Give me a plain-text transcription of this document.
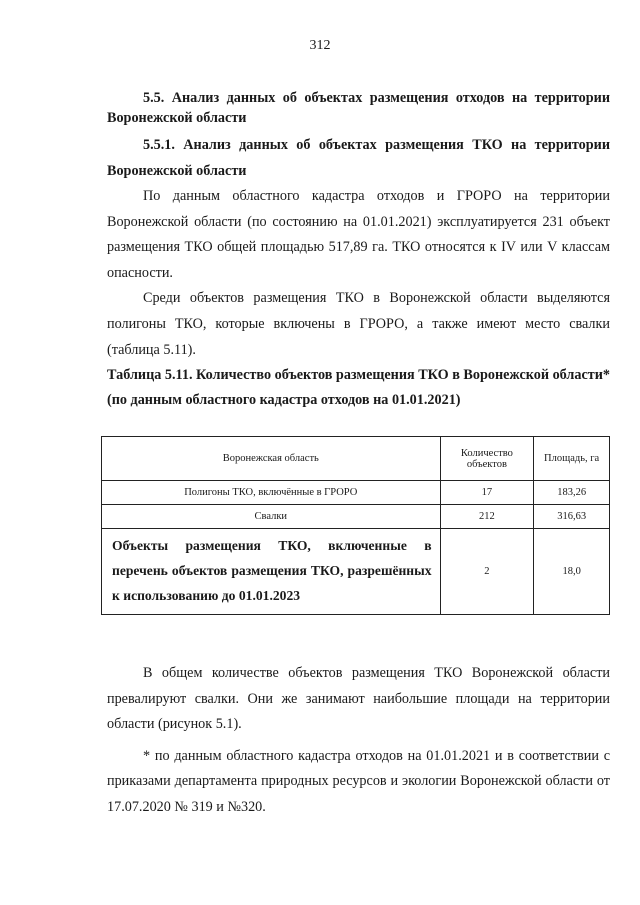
312

5.5. Анализ данных об объектах размещения отходов на территории Воронежской области

5.5.1. Анализ данных об объектах размещения ТКО на территории Воронежской области

По данным областного кадастра отходов и ГРОРО на территории Воронежской области (по состоянию на 01.01.2021) эксплуатируется 231 объект размещения ТКО общей площадью 517,89 га. ТКО относятся к IV или V классам опасности.

Среди объектов размещения ТКО в Воронежской области выделяются полигоны ТКО, которые включены в ГРОРО, а также имеют место свалки (таблица 5.11).

Таблица 5.11. Количество объектов размещения ТКО в Воронежской области* (по данным областного кадастра отходов на 01.01.2021)

Воронежская область	Количество объектов	Площадь, га
Полигоны ТКО, включённые в ГРОРО	17	183,26
Свалки	212	316,63
Объекты размещения ТКО, включенные в перечень объектов размещения ТКО, разрешённых к использованию до 01.01.2023	2	18,0

В общем количестве объектов размещения ТКО Воронежской области превалируют свалки. Они же занимают наибольшие площади на территории области (рисунок 5.1).

* по данным областного кадастра отходов на 01.01.2021 и в соответствии с приказами департамента природных ресурсов и экологии Воронежской области от 17.07.2020 № 319 и №320.
